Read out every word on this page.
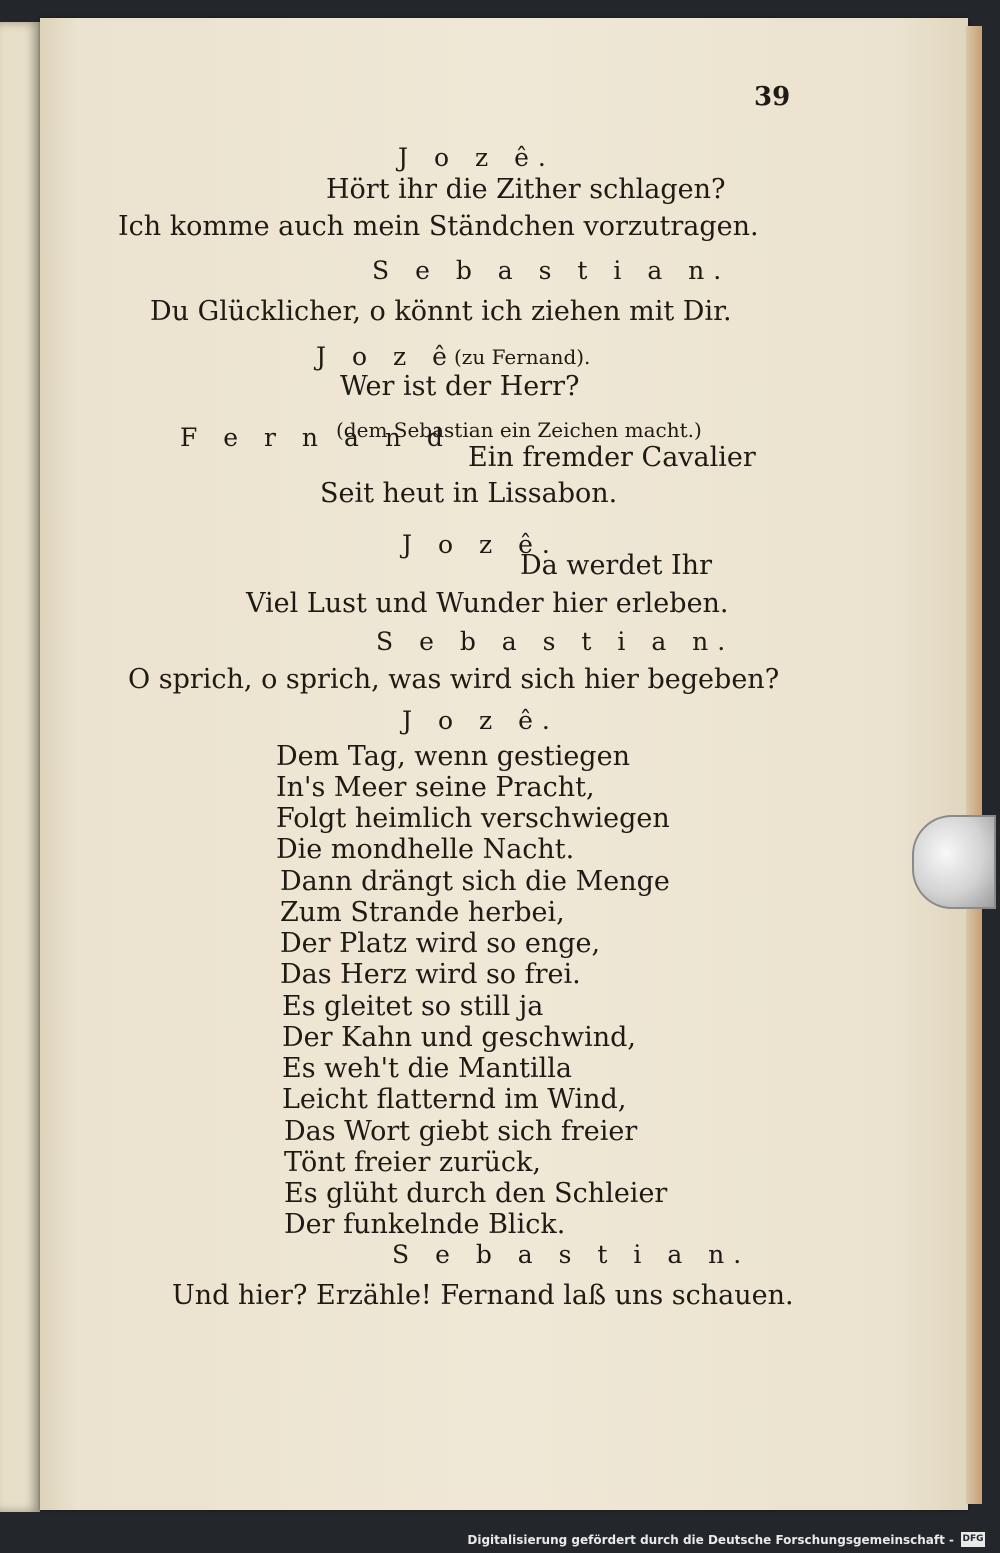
39
J o z ê.
Hört ihr die Zither schlagen?
Ich komme auch mein Ständchen vorzutragen.
S e b a s t i a n.
Du Glücklicher, o könnt ich ziehen mit Dir.
J o z ê
(zu Fernand).
Wer ist der Herr?
F e r n a n d
(dem Sebastian ein Zeichen macht.)
Ein fremder Cavalier
Seit heut in Lissabon.
J o z ê.
Da werdet Ihr
Viel Lust und Wunder hier erleben.
S e b a s t i a n.
O sprich, o sprich, was wird sich hier begeben?
J o z ê.
Dem Tag, wenn gestiegen
In's Meer seine Pracht,
Folgt heimlich verschwiegen
Die mondhelle Nacht.
Dann drängt sich die Menge
Zum Strande herbei,
Der Platz wird so enge,
Das Herz wird so frei.
Es gleitet so still ja
Der Kahn und geschwind,
Es weh't die Mantilla
Leicht flatternd im Wind,
Das Wort giebt sich freier
Tönt freier zurück,
Es glüht durch den Schleier
Der funkelnde Blick.
S e b a s t i a n.
Und hier? Erzähle! Fernand laß uns schauen.
Digitalisierung gefördert durch die Deutsche Forschungsgemeinschaft - DFG
